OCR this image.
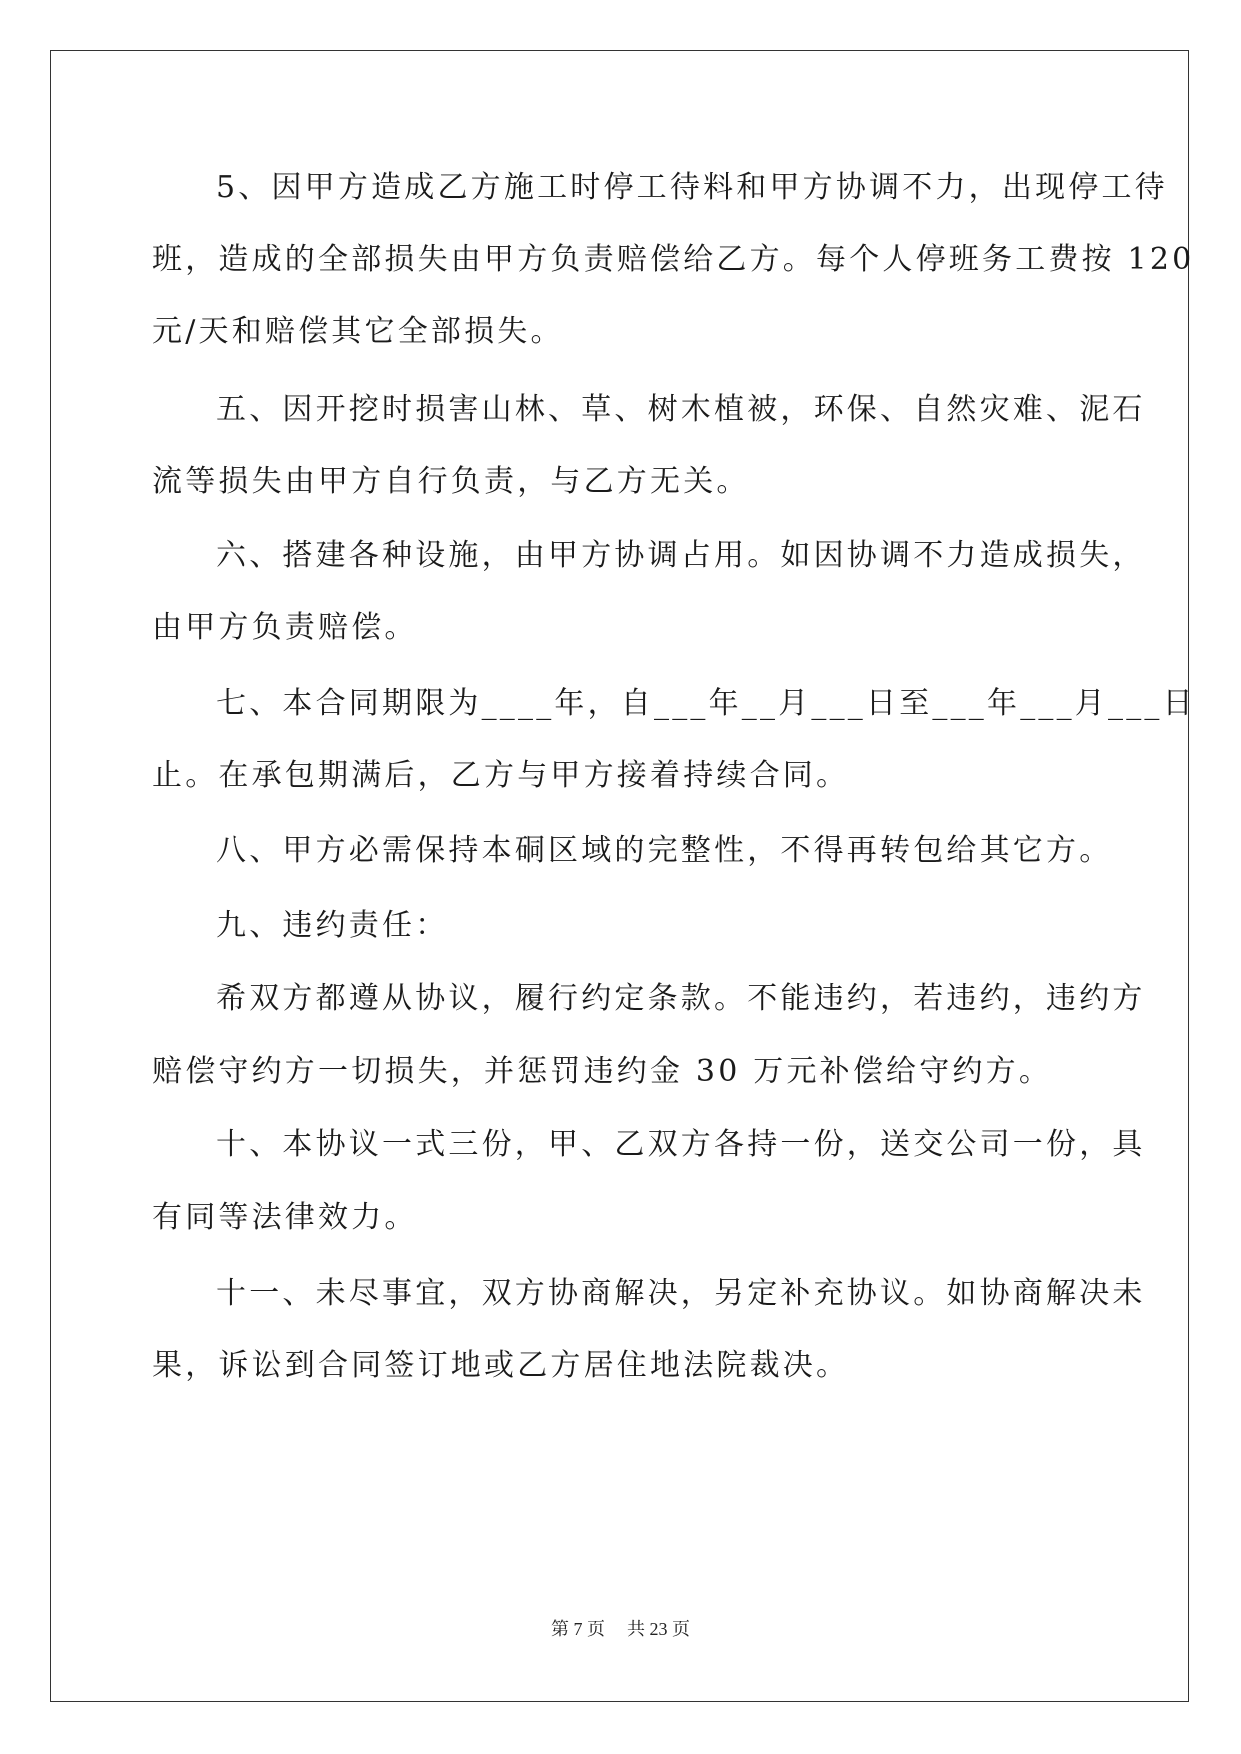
5、因甲方造成乙方施工时停工待料和甲方协调不力，出现停工待
班，造成的全部损失由甲方负责赔偿给乙方。每个人停班务工费按 120
元/天和赔偿其它全部损失。
五、因开挖时损害山林、草、树木植被，环保、自然灾难、泥石
流等损失由甲方自行负责，与乙方无关。
六、搭建各种设施，由甲方协调占用。如因协调不力造成损失，
由甲方负责赔偿。
七、本合同期限为____年，自___年__月___日至___年___月___日
止。在承包期满后，乙方与甲方接着持续合同。
八、甲方必需保持本硐区域的完整性，不得再转包给其它方。
九、违约责任：
希双方都遵从协议，履行约定条款。不能违约，若违约，违约方
赔偿守约方一切损失，并惩罚违约金 30 万元补偿给守约方。
十、本协议一式三份，甲、乙双方各持一份，送交公司一份，具
有同等法律效力。
十一、未尽事宜，双方协商解决，另定补充协议。如协商解决未
果，诉讼到合同签订地或乙方居住地法院裁决。
第 7 页 共 23 页
